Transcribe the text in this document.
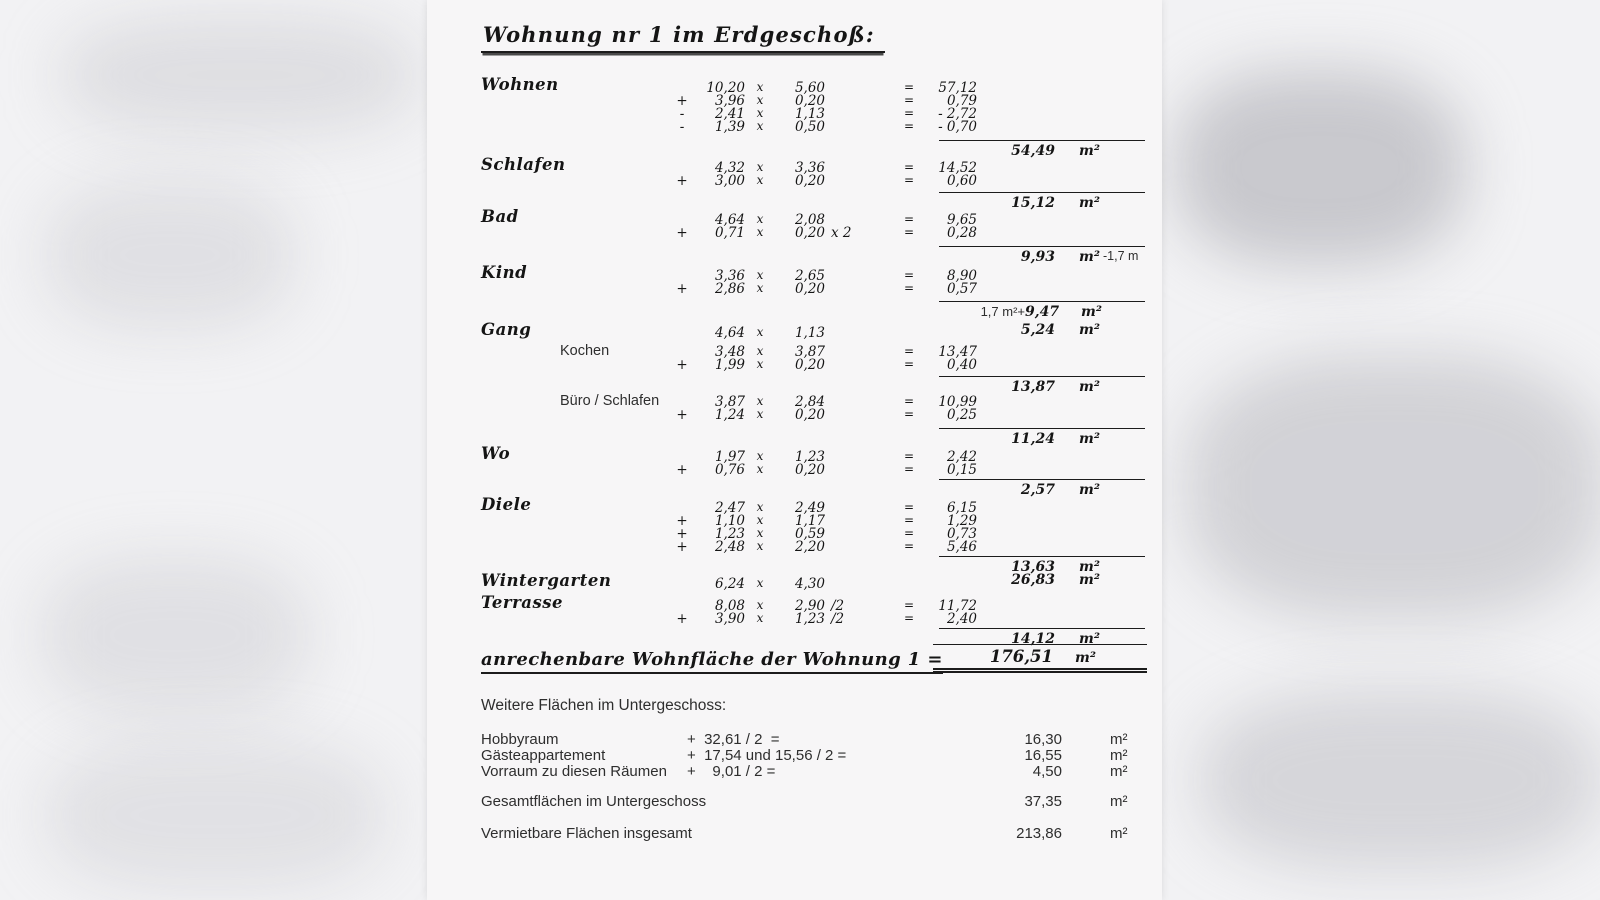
Wohnung nr 1 im Erdgeschoß:
Wohnen	10,20 x	5,60	=	57,12
+	3,96 x	0,20	=	0,79
-	2,41 x	1,13	=	- 2,72
-	1,39 x	0,50	=	- 0,70
54,49 m²
Schlafen	4,32 x	3,36	=	14,52
+	3,00 x	0,20	=	0,60
15,12 m²
Bad	4,64 x	2,08	=	9,65
+	0,71 x	0,20 x 2	=	0,28
9,93 m² -1,7 m
Kind	3,36 x	2,65	=	8,90
+	2,86 x	0,20	=	0,57
1,7 m²+9,47 m²
Gang	4,64 x	1,13	5,24 m²
Kochen	3,48 x	3,87	=	13,47
+	1,99 x	0,20	=	0,40
13,87 m²
Büro / Schlafen	3,87 x	2,84	=	10,99
+	1,24 x	0,20	=	0,25
11,24 m²
Wo	1,97 x	1,23	=	2,42
+	0,76 x	0,20	=	0,15
2,57 m²
Diele	2,47 x	2,49	=	6,15
+	1,10 x	1,17	=	1,29
+	1,23 x	0,59	=	0,73
+	2,48 x	2,20	=	5,46
13,63 m²
Wintergarten	6,24 x	4,30	26,83 m²
Terrasse	8,08 x	2,90 /2	=	11,72
+	3,90 x	1,23 /2	=	2,40
14,12 m²
anrechenbare Wohnfläche der Wohnung 1 =	176,51 m²
Weitere Flächen im Untergeschoss:
Hobbyraum	+  32,61 / 2  =	16,30	m²
Gästeappartement	+  17,54 und 15,56 / 2 =	16,55	m²
Vorraum zu diesen Räumen +    9,01 / 2 =	4,50	m²
Gesamtflächen im Untergeschoss	37,35	m²
Vermietbare Flächen insgesamt	213,86	m²
